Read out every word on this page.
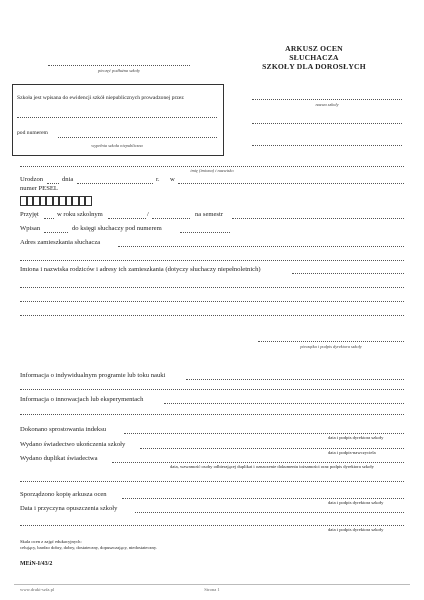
pieczęć podłużna szkoły
ARKUSZ OCEN
SŁUCHACZA
SZKOŁY DLA DOROSŁYCH
Szkoła jest wpisana do ewidencji szkół niepublicznych prowadzonej przez
pod numerem
wypełnia szkoła niepubliczna
nazwa szkoły
imię (imiona) i nazwisko
Urodzon	dnia	r. w
numer PESEL
Przyjęt	w roku szkolnym	/	na semestr
Wpisan	do księgi słuchaczy pod numerem
Adres zamieszkania słuchacza
Imiona i nazwiska rodziców i adresy ich zamieszkania (dotyczy słuchaczy niepełnoletnich)
pieczątka i podpis dyrektora szkoły
Informacja o indywidualnym programie lub toku nauki
Informacja o innowacjach lub eksperymentach
Dokonano sprostowania indeksu
data i podpis dyrektora szkoły
Wydano świadectwo ukończenia szkoły
data i podpis-nawczyciela
Wydano duplikat świadectwa
data, wzwamość osoby odbierającej duplikat i oznaczenie dokumentu tożsamości oraz podpis dyrektora szkoły
Sporządzono kopię arkusza ocen
data i podpis dyrektora szkoły
Data i przyczyna opuszczenia szkoły
data i podpis dyrektora szkoły
Skala ocen z zajęć edukacyjnych:
celujący, bardzo dobry, dobry, dostateczny, dopuszczający, niedostateczny.
MEiN-I/43/2
www.druki-szfa.pl	Strona 1
